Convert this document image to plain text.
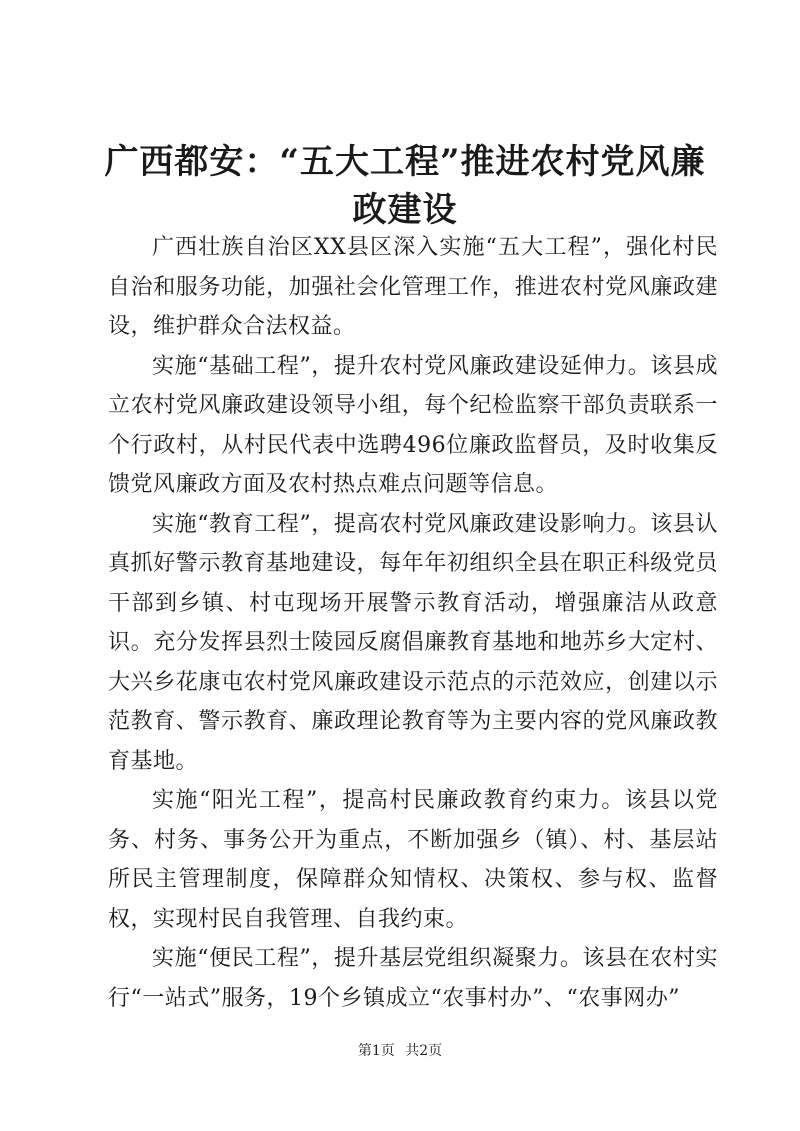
广西都安：“五大工程”推进农村党风廉政建设

广西壮族自治区XX县区深入实施“五大工程”，强化村民自治和服务功能，加强社会化管理工作，推进农村党风廉政建设，维护群众合法权益。

实施“基础工程”，提升农村党风廉政建设延伸力。该县成立农村党风廉政建设领导小组，每个纪检监察干部负责联系一个行政村，从村民代表中选聘496位廉政监督员，及时收集反馈党风廉政方面及农村热点难点问题等信息。

实施“教育工程”，提高农村党风廉政建设影响力。该县认真抓好警示教育基地建设，每年年初组织全县在职正科级党员干部到乡镇、村屯现场开展警示教育活动，增强廉洁从政意识。充分发挥县烈士陵园反腐倡廉教育基地和地苏乡大定村、大兴乡花康屯农村党风廉政建设示范点的示范效应，创建以示范教育、警示教育、廉政理论教育等为主要内容的党风廉政教育基地。

实施“阳光工程”，提高村民廉政教育约束力。该县以党务、村务、事务公开为重点，不断加强乡（镇）、村、基层站所民主管理制度，保障群众知情权、决策权、参与权、监督权，实现村民自我管理、自我约束。

实施“便民工程”，提升基层党组织凝聚力。该县在农村实行“一站式”服务，19个乡镇成立“农事村办”、“农事网办”

第1页 共2页
